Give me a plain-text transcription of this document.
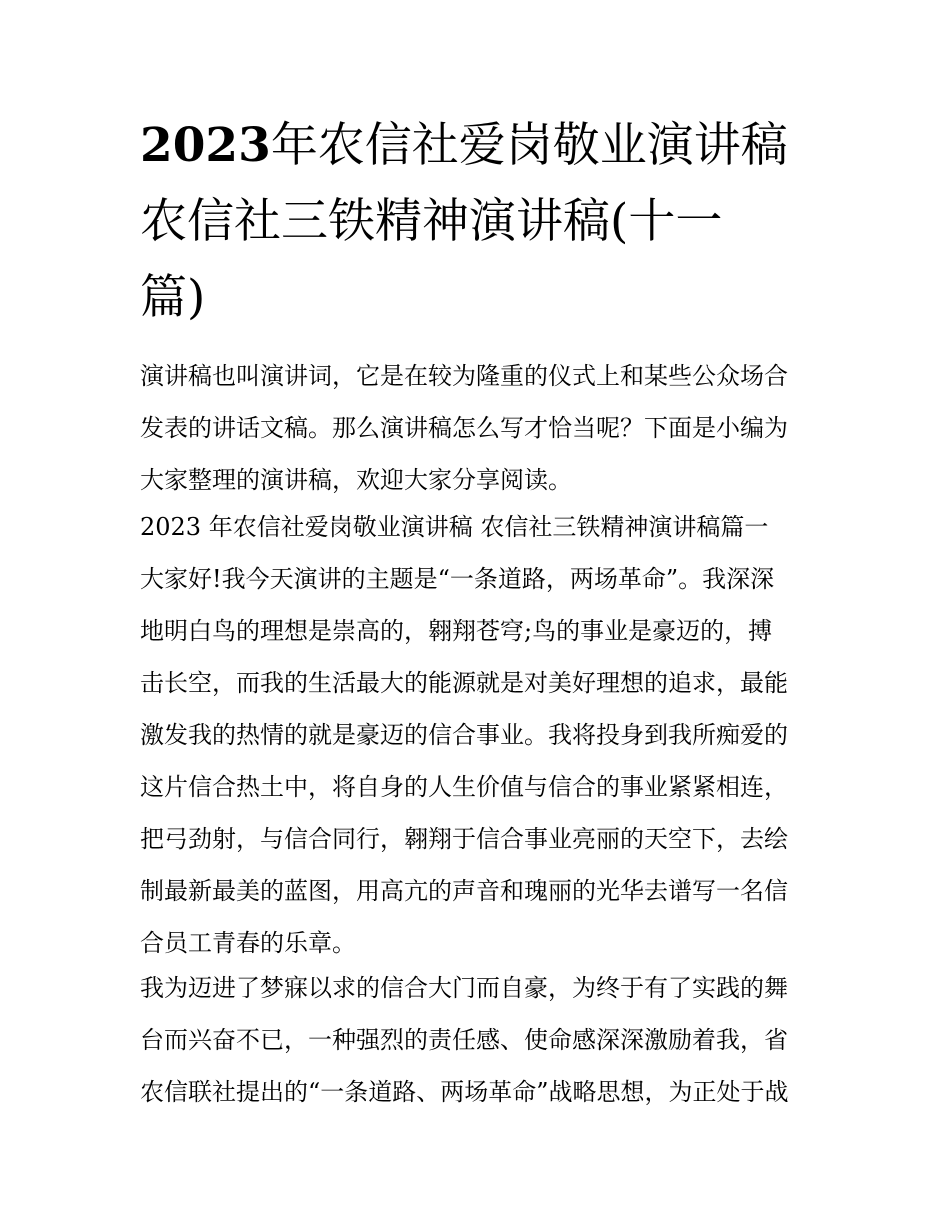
2023年农信社爱岗敬业演讲稿
农信社三铁精神演讲稿(十一
篇)
演讲稿也叫演讲词，它是在较为隆重的仪式上和某些公众场合
发表的讲话文稿。那么演讲稿怎么写才恰当呢？下面是小编为
大家整理的演讲稿，欢迎大家分享阅读。
2023 年农信社爱岗敬业演讲稿 农信社三铁精神演讲稿篇一
大家好!我今天演讲的主题是“一条道路，两场革命”。我深深
地明白鸟的理想是崇高的，翱翔苍穹;鸟的事业是豪迈的，搏
击长空，而我的生活最大的能源就是对美好理想的追求，最能
激发我的热情的就是豪迈的信合事业。我将投身到我所痴爱的
这片信合热土中，将自身的人生价值与信合的事业紧紧相连，
把弓劲射，与信合同行，翱翔于信合事业亮丽的天空下，去绘
制最新最美的蓝图，用高亢的声音和瑰丽的光华去谱写一名信
合员工青春的乐章。
我为迈进了梦寐以求的信合大门而自豪，为终于有了实践的舞
台而兴奋不已，一种强烈的责任感、使命感深深激励着我，省
农信联社提出的“一条道路、两场革命”战略思想，为正处于战
